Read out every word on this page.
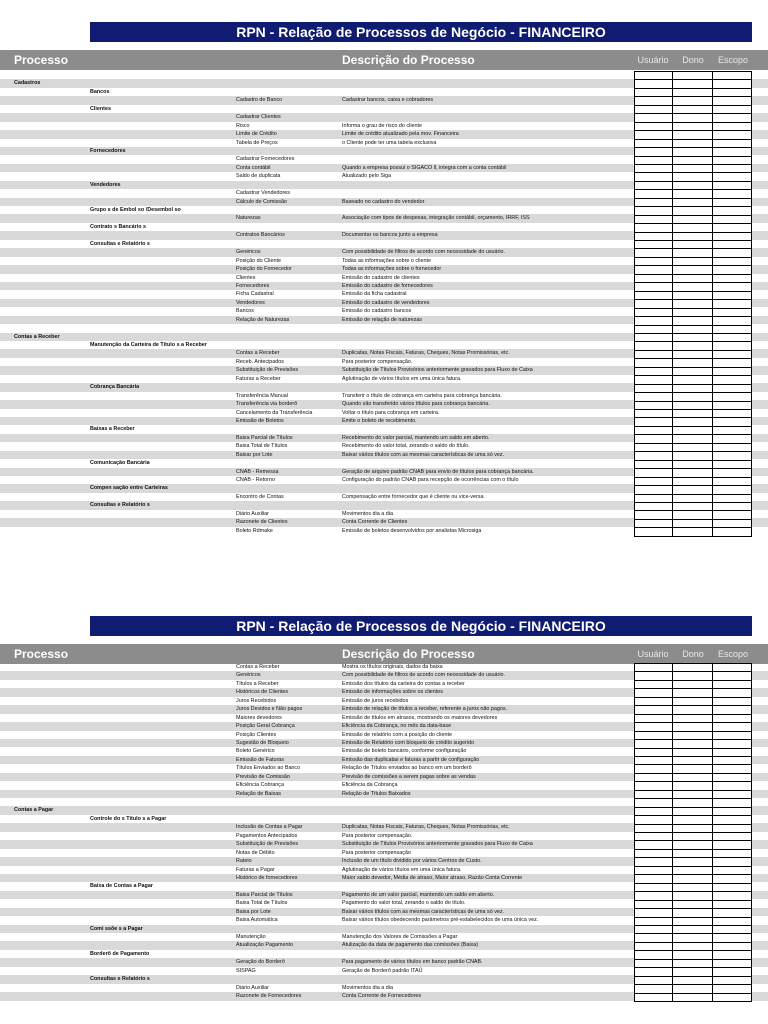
RPN - Relação de Processos de Negócio - FINANCEIRO
Processo	Descrição do Processo	Usuário	Dono	Escopo
Cadastros
Bancos
Cadastro de Banco	Cadastrar bancos, caixa e cobradores
Clientes
Cadastrar Clientes
Risco	Informa o grau de risco do cliente
Limite de Crédito	Limite de crédito atualizado pela mov. Financeira
Tabela de Preços	o Cliente pode ter uma tabela exclusiva
Fornecedores
Cadastrar Fornecedores
Conta contábil	Quando a empresa possui o SIGACO ll, integra com a conta contábil
Saldo de duplicata	Atualizado pelo Siga
Vendedores
Cadastrar Vendedores
Cálculo de Comissão	Baseado no cadastro do vendedor
Grupo s de Embol so /Desembol so
Naturezas	Associação com tipos de despesas, integração contábil, orçamento, IRRF, ISS
Contrato s Bancário s
Contratos Bancários	Documentar os bancos junto a empresa
Consultas e Relatório s
Genéricos	Com possibilidade de filtros de acordo com necessidade do usuário.
Posição do Cliente	Todas as informações sobre o cliente
Posição do Fornecedor	Todas as informações sobre o fornecedor
Clientes	Emissão do cadastro de clientes
Fornecedores	Emissão do cadastro de fornecedores
Ficha Cadastral	Emissão da ficha cadastral
Vendedores	Emissão do cadastro de vendedores
Bancos	Emissão do cadastro bancos
Relação de Naturezas	Emissão de relação de naturezas
Contas a Receber
Manutenção da Carteira de Título s a Receber
Contas a Receber	Duplicatas, Notas Fiscais, Faturas, Cheques, Notas Promissórias, etc.
Receb. Antecipados	Para posterior compensação.
Substituição de Previsões	Substituição de Títulos Provisórios anteriormente gravados para Fluxo de Caixa
Faturas a Receber	Aglutinação de vários títulos em uma única fatura.
Cobrança Bancária
Transferência Manual	Transferir o título de cobrança em carteira para cobrança bancária.
Transferência via borderô	Quando são transferido vários títulos para cobrança bancária.
Cancelamento da Transferência	Voltar o título para cobrança em carteira.
Emissão de Boletos	Emite o boleto de recebimento.
Baixas a Receber
Baixa Parcial de Títulos	Recebimento do valor parcial, mantendo um saldo em aberto.
Baixa Total de Títulos	Recebimento do valor total, zerando o saldo do título.
Baixar por Lote	Baixar vários títulos com as mesmas características de uma só vez.
Comunicação Bancária
CNAB - Remessa	Geração de arquivo padrão CNAB para envio de títulos para cobrança bancária.
CNAB - Retorno	Configuração do padrão CNAB para recepção de ocorrências com o título
Compen sação entre Carteiras
Encontro de Contas	Compensação entre fornecedor que é cliente ou vice-versa.
Consultas e Relatório s
Diário Auxiliar	Movimentos dia a dia
Razonete de Clientes	Conta Corrente de Clientes
Boleto Rdmake	Emissão de boletos desenvolvidos por analistas Microsiga
RPN - Relação de Processos de Negócio - FINANCEIRO
Processo	Descrição do Processo	Usuário	Dono	Escopo
Contas a Receber	Mostra os títulos originais, dados da baixa
Genéricos	Com possibilidade de filtros de acordo com necessidade do usuário.
Títulos a Receber	Emissão dos títulos da carteira do contas a receber
Históricos de Clientes	Emissão de informações sobre os clientes
Juros Recebidos	Emissão de juros recebidos
Juros Devidos e Não pagos	Emissão de relação de títulos a receber, referente a juros não pagos.
Maiores devedores	Emissão de títulos em atrasos, mostrando os maiores devedores
Posição Geral Cobrança	Eficiência da Cobrança, no mês da data-base
Posição Clientes	Emissão de relatório com a posição do cliente
Sugestão de Bloqueio	Emissão de Relatório com bloqueio de crédito sugerido
Boleto Genérico	Emissão de boleto bancário, conforme configuração
Emissão de Faturas	Emissão das duplicatas e faturas a partir de configuração
Títulos Enviados ao Banco	Relação de Títulos enviados ao banco em um borderô
Previsão de Comissão	Previsão de comissões a serem pagas sobre as vendas
Eficiência Cobrança	Eficiência da Cobrança
Relação de Baixas	Relação de Títulos Baixados
Contas a Pagar
Controle do s Título s a Pagar
Inclusão de Contas a Pagar	Duplicatas, Notas Fiscais, Faturas, Cheques, Notas Promissórias, etc.
Pagamentos Antecipados	Para posterior compensação.
Substituição de Previsões	Substituição de Títulos Provisórios anteriormente gravados para Fluxo de Caixa
Notas de Débito	Para posterior compensação
Rateio	Inclusão de um título dividido por vários Centros de Custo.
Faturas a Pagar	Aglutinação de vários títulos em uma única fatura.
Histórico de fornecedores	Maior saldo devedor, Média de atraso, Maior atraso, Razão Conta Corrente
Baixa de Contas a Pagar
Baixa Parcial de Títulos	Pagamento de um valor parcial, mantendo um saldo em aberto.
Baixa Total de Títulos	Pagamento do valor total, zerando o saldo do título.
Baixa por Lote	Baixar vários títulos com as mesmas características de uma só vez.
Baixa Automática	Baixar vários títulos obedecendo parâmetros pré-estabelecidos de uma única vez.
Comi ssõe s a Pagar
Manutenção	Manutenção dos Valores de Comissões a Pagar
Atualização Pagamento	Atulização da data de pagamento das comissões (Baixa)
Borderô de Pagamento
Geração do Borderô	Para pagamento de vários títulos em banco padrão CNAB.
SISPAG	Geração de Borderô padrão ITAÚ
Consultas e Relatório s
Diário Auxiliar	Movimentos dia a dia
Razonete de Fornecedores	Conta Corrente de Fornecedores
